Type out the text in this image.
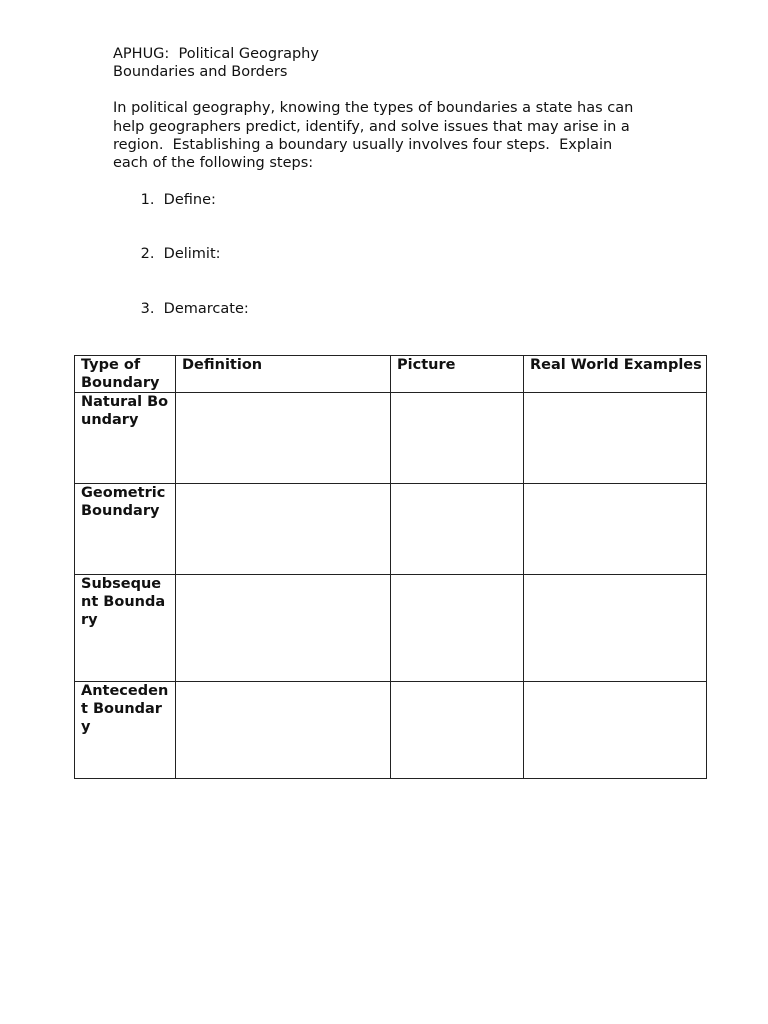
APHUG:  Political Geography
Boundaries and Borders
In political geography, knowing the types of boundaries a state has can
help geographers predict, identify, and solve issues that may arise in a
region.  Establishing a boundary usually involves four steps.  Explain
each of the following steps:

1. Define:

2. Delimit:

3. Demarcate:

Type of Boundary	Definition	Picture	Real World Examples
Natural Boundary			
Geometric Boundary			
Subsequent Boundary			
Antecedent Boundary			
